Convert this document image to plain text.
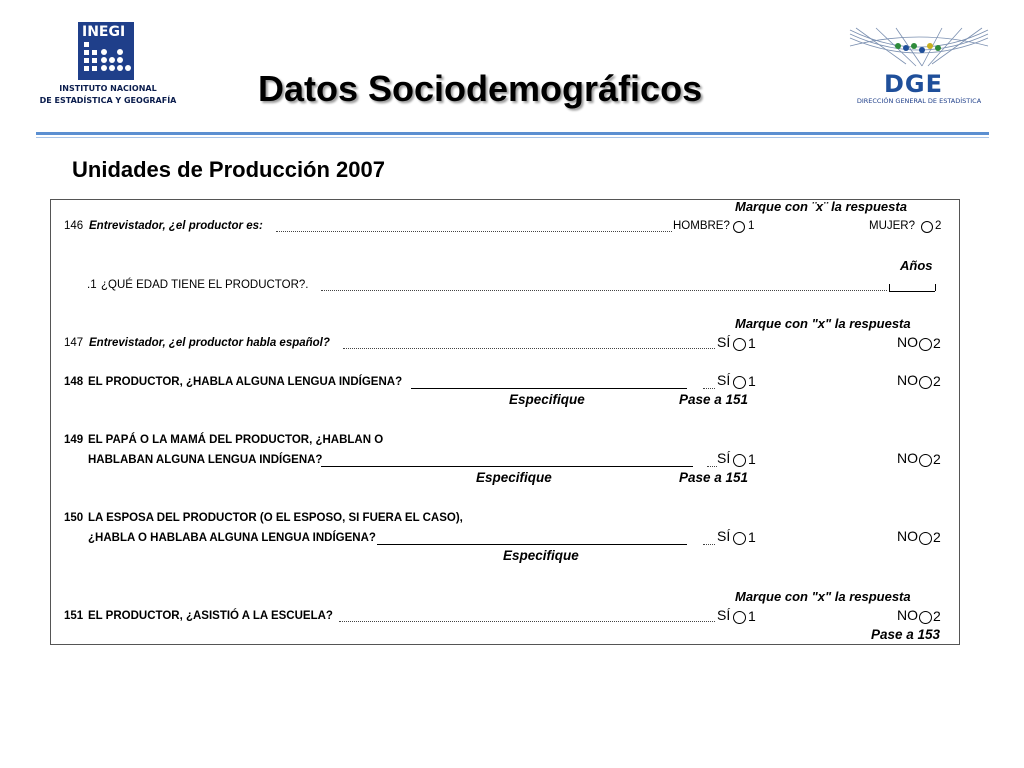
INEGI
INSTITUTO NACIONAL
DE ESTADÍSTICA Y GEOGRAFÍA Datos Sociodemográficos	DGE
DIRECCIÓN GENERAL DE ESTADÍSTICA
Unidades de Producción 2007
Marque con ¨x¨ la respuesta
146 Entrevistador, ¿el productor es:	HOMBRE? 1	MUJER? 2
Años
.1 ¿QUÉ EDAD TIENE EL PRODUCTOR?.
Marque con "x" la respuesta
147 Entrevistador, ¿el productor habla español?	SÍ 1	NO 2
148 EL PRODUCTOR, ¿HABLA ALGUNA LENGUA INDÍGENA?	SÍ 1	NO 2
Especifique	Pase a 151
149 EL PAPÁ O LA MAMÁ DEL PRODUCTOR, ¿HABLAN O
HABLABAN ALGUNA LENGUA INDÍGENA?	SÍ 1	NO 2
Especifique	Pase a 151
150 LA ESPOSA DEL PRODUCTOR (O EL ESPOSO, SI FUERA EL CASO),
¿HABLA O HABLABA ALGUNA LENGUA INDÍGENA?	SÍ 1	NO 2
Especifique
Marque con "x" la respuesta
151 EL PRODUCTOR, ¿ASISTIÓ A LA ESCUELA?	SÍ 1	NO 2
Pase a 153
